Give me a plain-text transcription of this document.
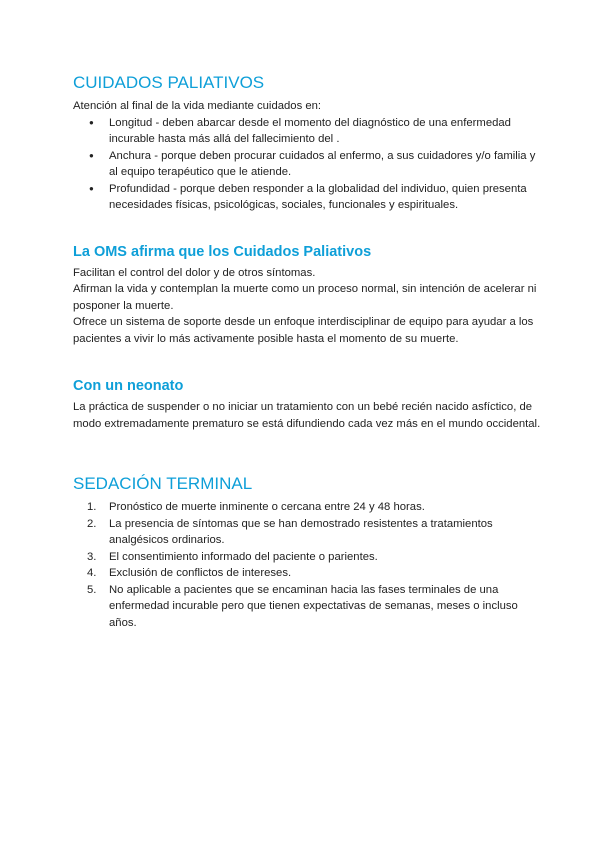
CUIDADOS PALIATIVOS

Atención al final de la vida mediante cuidados en:

● Longitud - deben abarcar desde el momento del diagnóstico de una enfermedad incurable hasta más allá del fallecimiento del .
● Anchura - porque deben procurar cuidados al enfermo, a sus cuidadores y/o familia y al equipo terapéutico que le atiende.
● Profundidad - porque deben responder a la globalidad del individuo, quien presenta necesidades físicas, psicológicas, sociales, funcionales y espirituales.
La OMS afirma que los Cuidados Paliativos

Facilitan el control del dolor y de otros síntomas.

Afirman la vida y contemplan la muerte como un proceso normal, sin intención de acelerar ni posponer la muerte.

Ofrece un sistema de soporte desde un enfoque interdisciplinar de equipo para ayudar a los pacientes a vivir lo más activamente posible hasta el momento de su muerte.

Con un neonato

La práctica de suspender o no iniciar un tratamiento con un bebé recién nacido asfíctico, de modo extremadamente prematuro se está difundiendo cada vez más en el mundo occidental.

SEDACIÓN TERMINAL
1. Pronóstico de muerte inminente o cercana entre 24 y 48 horas.
2. La presencia de síntomas que se han demostrado resistentes a tratamientos analgésicos ordinarios.
3. El consentimiento informado del paciente o parientes.
4. Exclusión de conflictos de intereses.
5. No aplicable a pacientes que se encaminan hacia las fases terminales de una enfermedad incurable pero que tienen expectativas de semanas, meses o incluso años.
